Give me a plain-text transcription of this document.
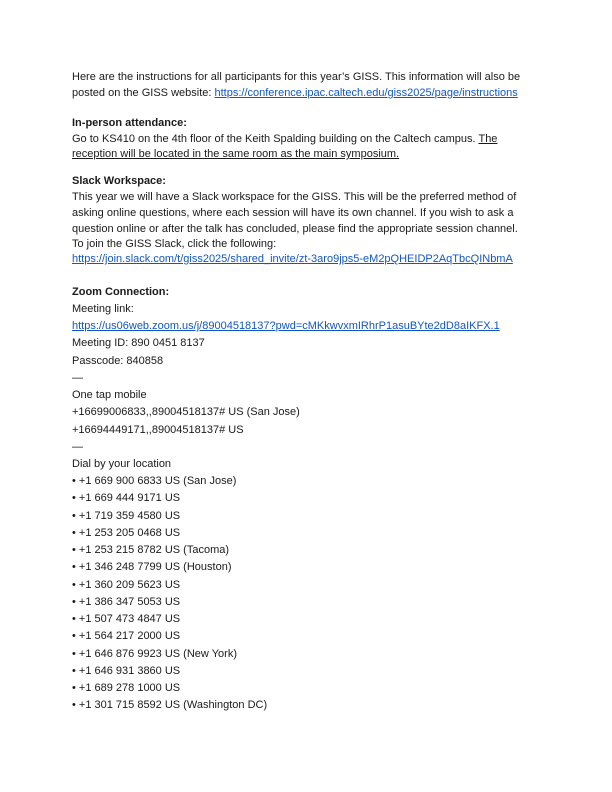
Here are the instructions for all participants for this year’s GISS. This information will also be
posted on the GISS website: https://conference.ipac.caltech.edu/giss2025/page/instructions
In-person attendance:
Go to KS410 on the 4th floor of the Keith Spalding building on the Caltech campus. The
reception will be located in the same room as the main symposium.
Slack Workspace:
This year we will have a Slack workspace for the GISS. This will be the preferred method of
asking online questions, where each session will have its own channel. If you wish to ask a
question online or after the talk has concluded, please find the appropriate session channel.
To join the GISS Slack, click the following:
https://join.slack.com/t/giss2025/shared_invite/zt-3aro9jps5-eM2pQHEIDP2AqTbcQINbmA
Zoom Connection:
Meeting link:
https://us06web.zoom.us/j/89004518137?pwd=cMKkwvxmIRhrP1asuBYte2dD8aIKFX.1
Meeting ID: 890 0451 8137
Passcode: 840858
—
One tap mobile
+16699006833,,89004518137# US (San Jose)
+16694449171,,89004518137# US
—
Dial by your location
• +1 669 900 6833 US (San Jose)
• +1 669 444 9171 US
• +1 719 359 4580 US
• +1 253 205 0468 US
• +1 253 215 8782 US (Tacoma)
• +1 346 248 7799 US (Houston)
• +1 360 209 5623 US
• +1 386 347 5053 US
• +1 507 473 4847 US
• +1 564 217 2000 US
• +1 646 876 9923 US (New York)
• +1 646 931 3860 US
• +1 689 278 1000 US
• +1 301 715 8592 US (Washington DC)
